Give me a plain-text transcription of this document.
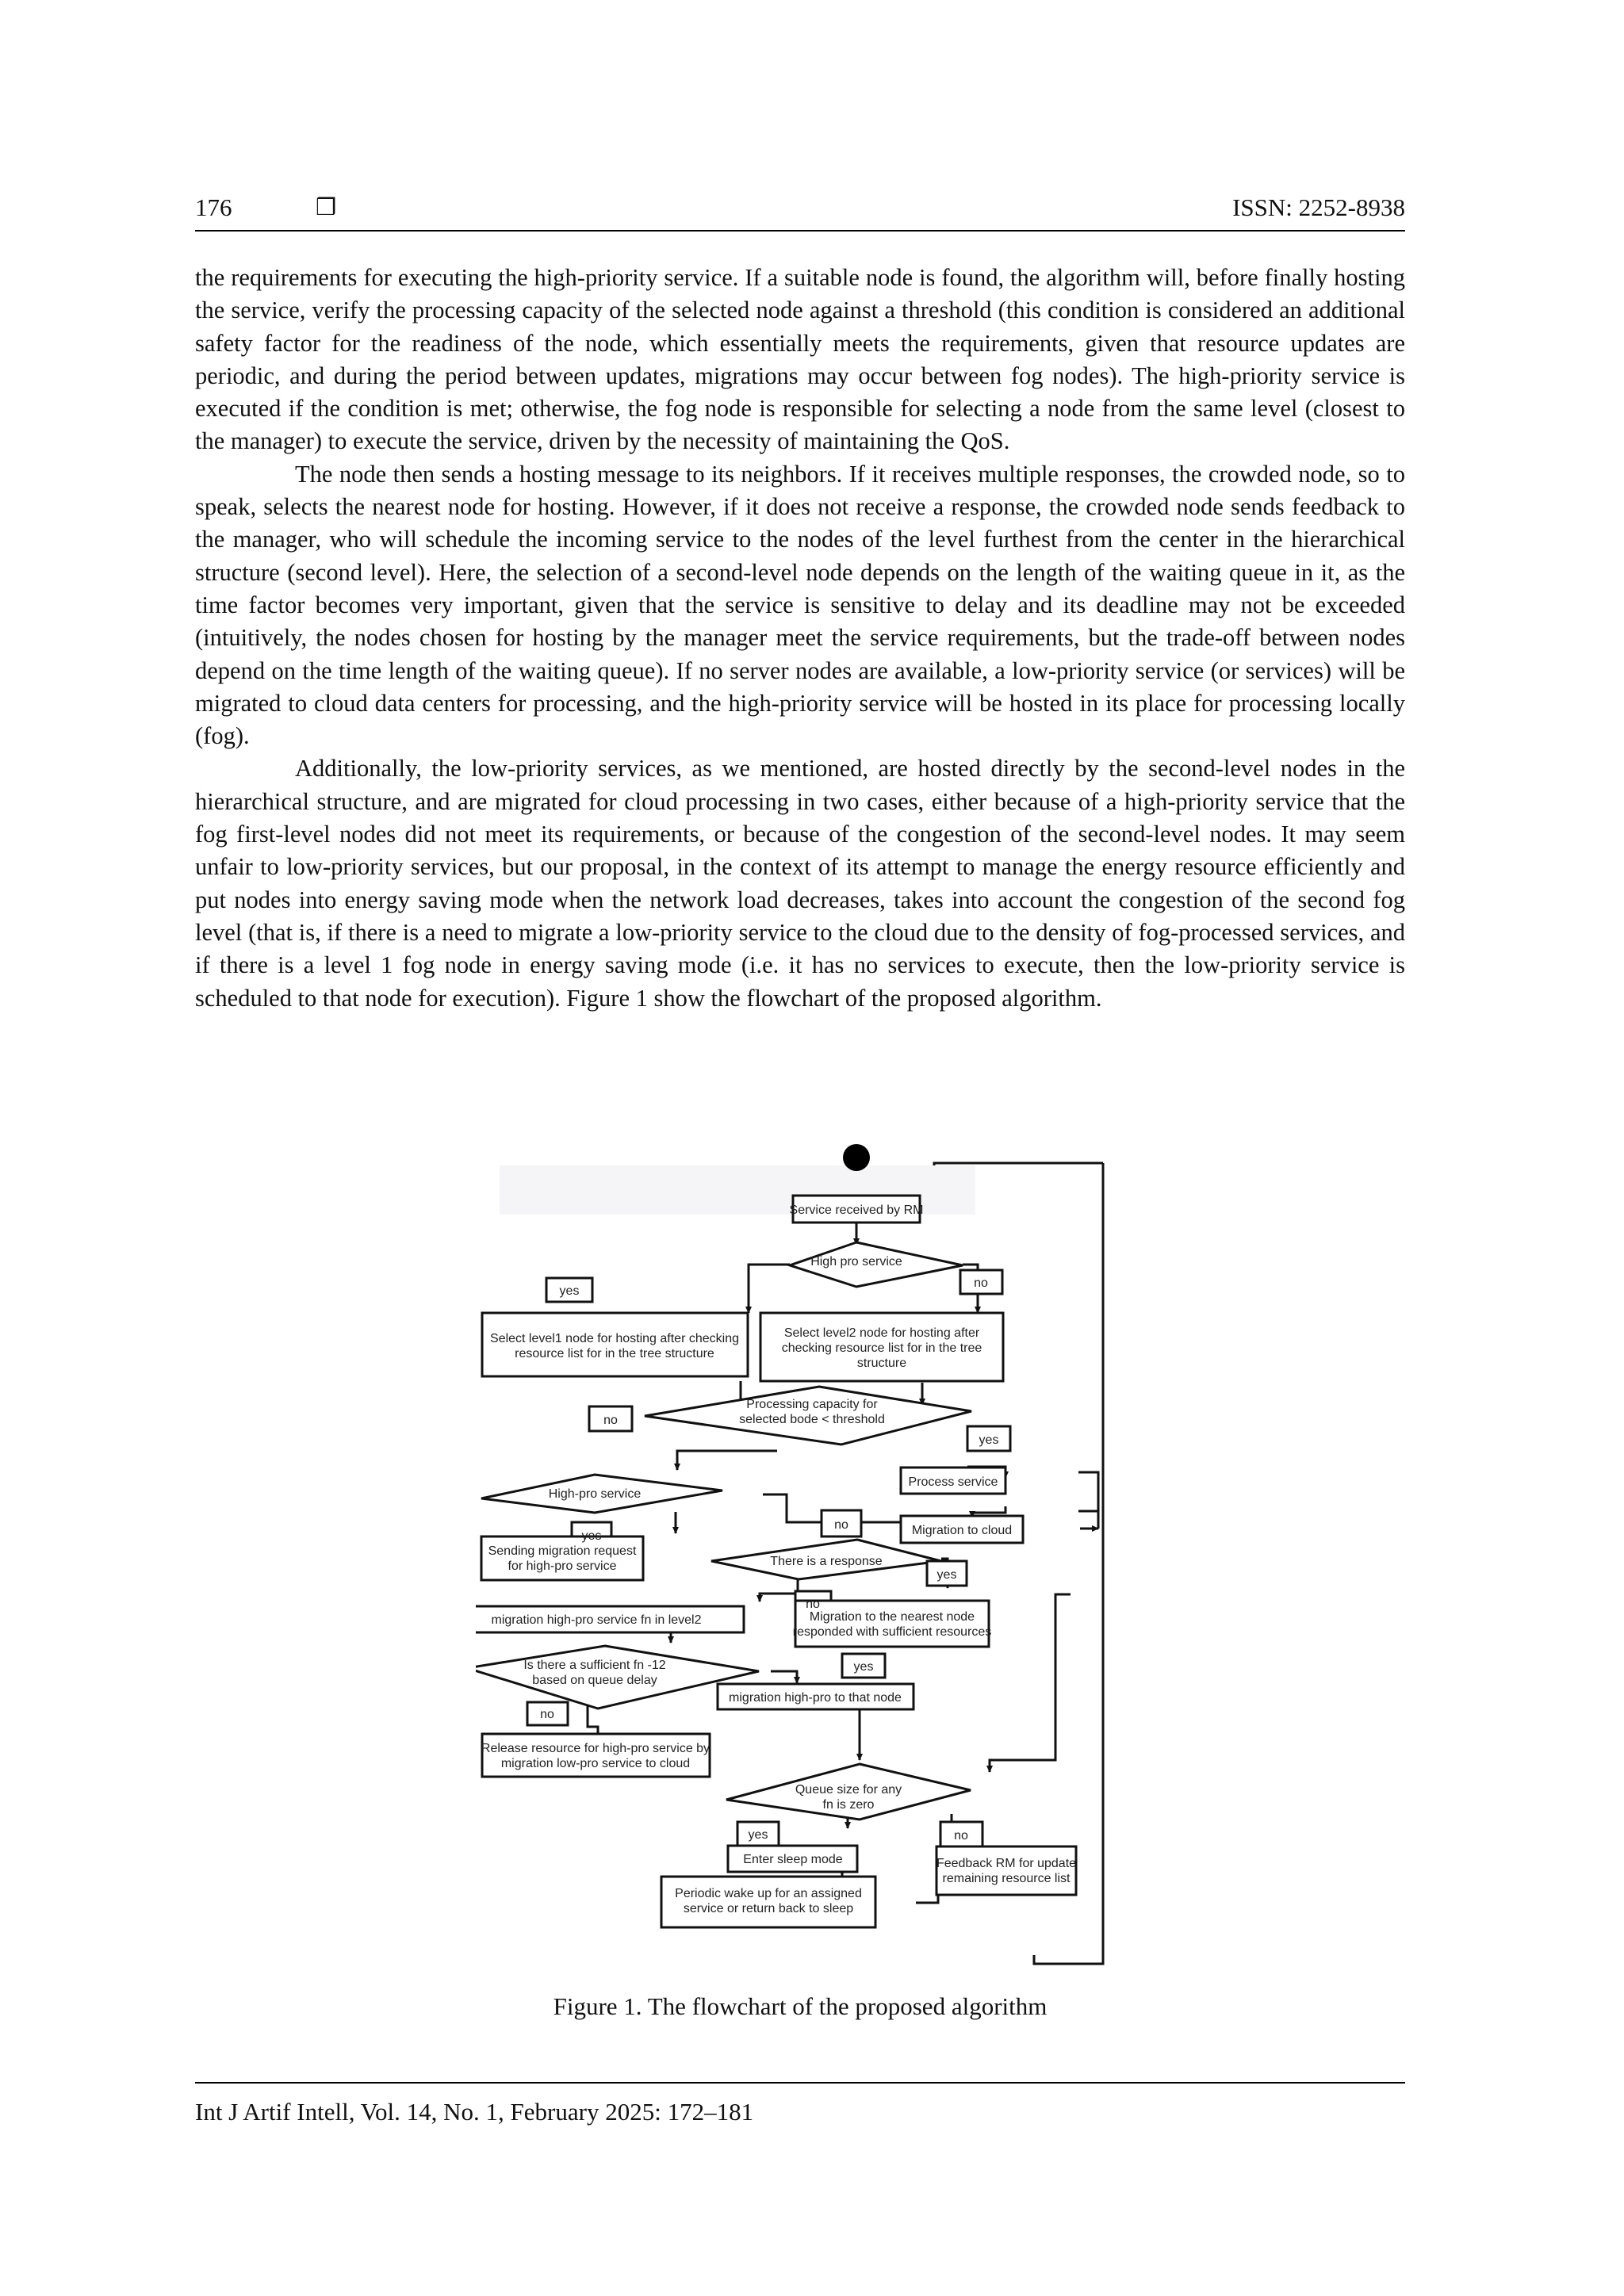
176	❒	ISSN: 2252-8938

the requirements for executing the high-priority service. If a suitable node is found, the algorithm will, before finally hosting the service, verify the processing capacity of the selected node against a threshold (this condition is considered an additional safety factor for the readiness of the node, which essentially meets the requirements, given that resource updates are periodic, and during the period between updates, migrations may occur between fog nodes). The high-priority service is executed if the condition is met; otherwise, the fog node is responsible for selecting a node from the same level (closest to the manager) to execute the service, driven by the necessity of maintaining the QoS.

The node then sends a hosting message to its neighbors. If it receives multiple responses, the crowded node, so to speak, selects the nearest node for hosting. However, if it does not receive a response, the crowded node sends feedback to the manager, who will schedule the incoming service to the nodes of the level furthest from the center in the hierarchical structure (second level). Here, the selection of a second-level node depends on the length of the waiting queue in it, as the time factor becomes very important, given that the service is sensitive to delay and its deadline may not be exceeded (intuitively, the nodes chosen for hosting by the manager meet the service requirements, but the trade-off between nodes depend on the time length of the waiting queue). If no server nodes are available, a low-priority service (or services) will be migrated to cloud data centers for processing, and the high-priority service will be hosted in its place for processing locally (fog).

Additionally, the low-priority services, as we mentioned, are hosted directly by the second-level nodes in the hierarchical structure, and are migrated for cloud processing in two cases, either because of a high-priority service that the fog first-level nodes did not meet its requirements, or because of the congestion of the second-level nodes. It may seem unfair to low-priority services, but our proposal, in the context of its attempt to manage the energy resource efficiently and put nodes into energy saving mode when the network load decreases, takes into account the congestion of the second fog level (that is, if there is a need to migrate a low-priority service to the cloud due to the density of fog-processed services, and if there is a level 1 fog node in energy saving mode (i.e. it has no services to execute, then the low-priority service is scheduled to that node for execution). Figure 1 show the flowchart of the proposed algorithm.

Service received by RM
High pro service
yes
no
Select level1 node for hosting after checking
resource list for in the tree structure
Select level2 node for hosting after
checking resource list for in the tree
structure
Processing capacity for
selected bode < threshold
no
yes
High-pro service
Process service
no	Migration to cloud
yes
Sending migration request
for high-pro service	There is a response
yes
no
migration high-pro service fn in level2	Migration to the nearest node
responded with sufficient resources
Is there a sufficient fn -12
based on queue delay
yes
migration high-pro to that node
no
Release resource for high-pro service by
migration low-pro service to cloud
Queue size for any
fn is zero
yes	no
Enter sleep mode	Feedback RM for update
remaining resource list
Periodic wake up for an assigned
service or return back to sleep
Figure 1. The flowchart of the proposed algorithm
Int J Artif Intell, Vol. 14, No. 1, February 2025: 172–181
